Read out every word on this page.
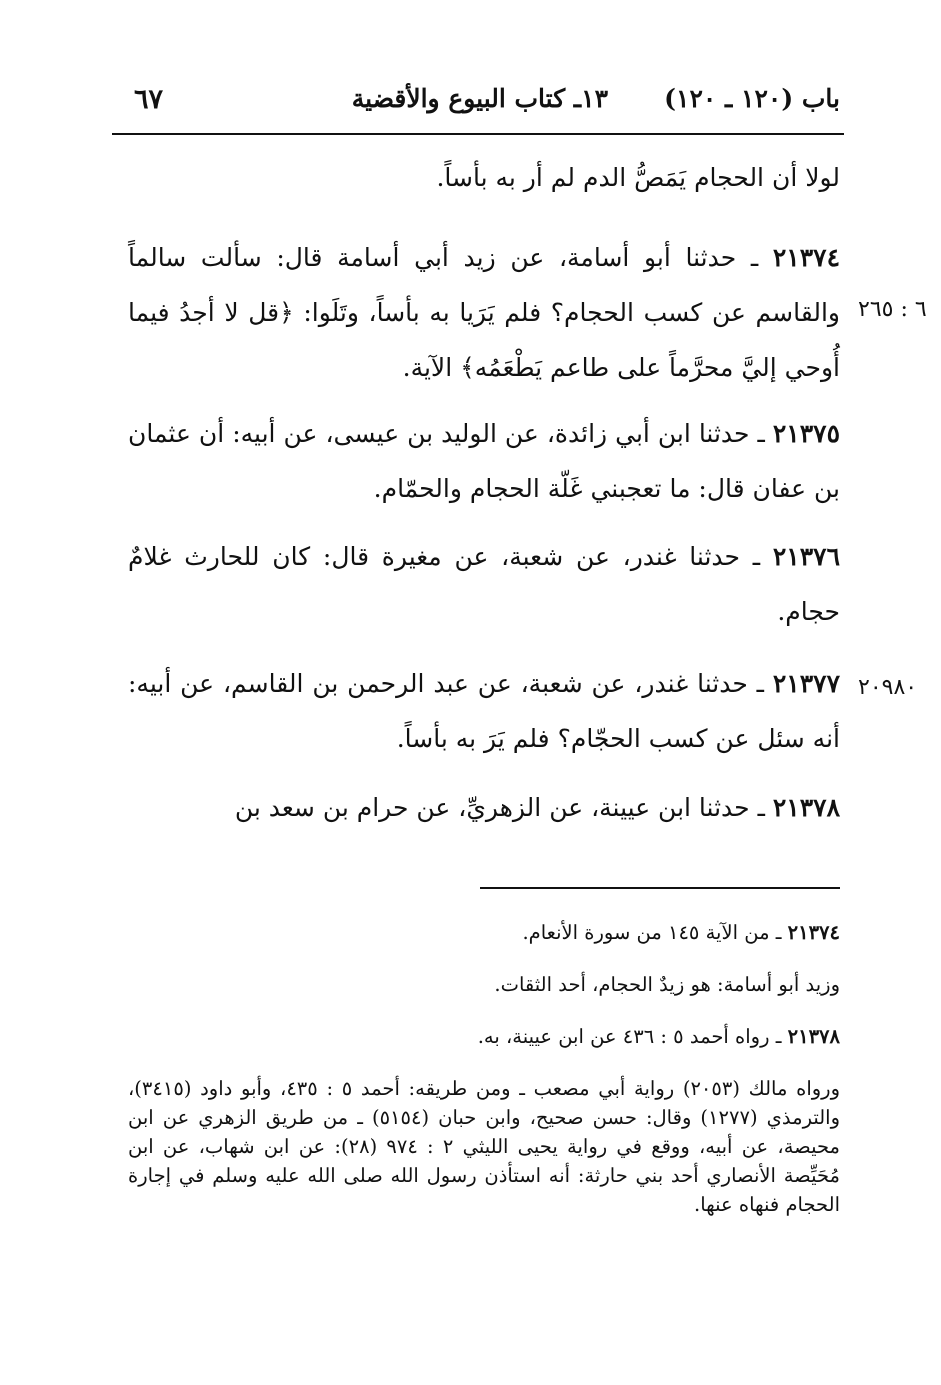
باب (١٢٠ ـ ١٢٠)
١٣ـ كتاب البيوع والأقضية
٦٧

لولا أن الحجام يَمَصُّ الدم لم أر به بأساً.

٢١٣٧٤ ـ حدثنا أبو أسامة، عن زيد أبي أسامة قال: سألت سالماً والقاسم عن كسب الحجام؟ فلم يَرَيا به بأساً، وتَلَوا: ﴿قل لا أجدُ فيما أُوحي إليَّ محرَّماً على طاعم يَطْعَمُه﴾ الآية.

٦ : ٢٦٥

٢١٣٧٥ ـ حدثنا ابن أبي زائدة، عن الوليد بن عيسى، عن أبيه: أن عثمان بن عفان قال: ما تعجبني غَلّة الحجام والحمّام.

٢١٣٧٦ ـ حدثنا غندر، عن شعبة، عن مغيرة قال: كان للحارث غلامٌ حجام.

٢١٣٧٧ ـ حدثنا غندر، عن شعبة، عن عبد الرحمن بن القاسم، عن أبيه: أنه سئل عن كسب الحجّام؟ فلم يَرَ به بأساً.

٢٠٩٨٠

٢١٣٧٨ ـ حدثنا ابن عيينة، عن الزهريِّ، عن حرام بن سعد بن

٢١٣٧٤ ـ من الآية ١٤٥ من سورة الأنعام.

وزيد أبو أسامة: هو زيدٌ الحجام، أحد الثقات.

٢١٣٧٨ ـ رواه أحمد ٥ : ٤٣٦ عن ابن عيينة، به.

ورواه مالك (٢٠٥٣) رواية أبي مصعب ـ ومن طريقه: أحمد ٥ : ٤٣٥، وأبو داود (٣٤١٥)، والترمذي (١٢٧٧) وقال: حسن صحيح، وابن حبان (٥١٥٤) ـ من طريق الزهري عن ابن محيصة، عن أبيه، ووقع في رواية يحيى الليثي ٢ : ٩٧٤ (٢٨): عن ابن شهاب، عن ابن مُحَيِّصة الأنصاري أحد بني حارثة: أنه استأذن رسول الله صلى الله عليه وسلم في إجارة الحجام فنهاه عنها.
